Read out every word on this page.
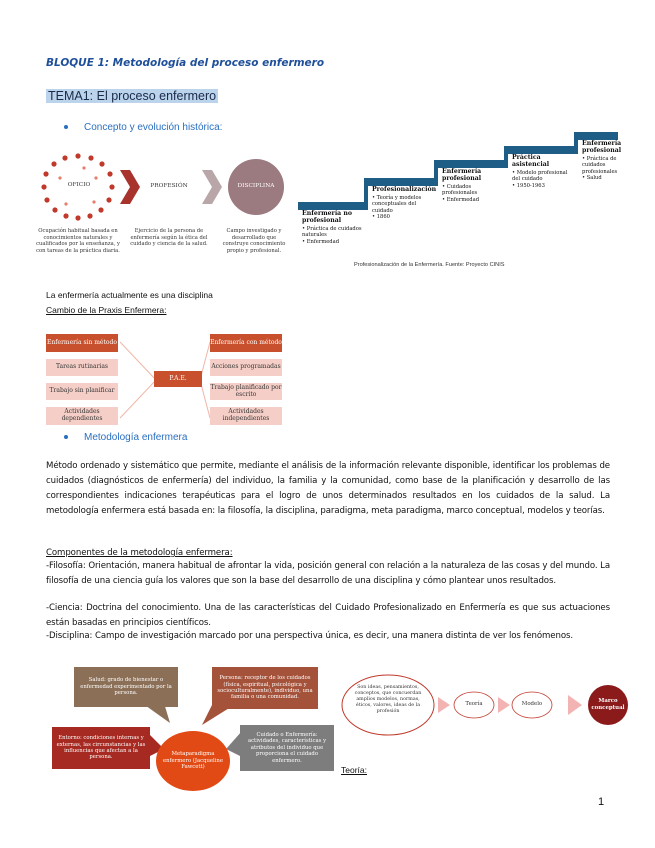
BLOQUE 1: Metodología del proceso enfermero
TEMA1: El proceso enfermero
Concepto y evolución histórica:
OFICIO	PROFESIÓN	DISCIPLINA
Ocupación habitual basada en conocimientos naturales y cualificados por la enseñanza, y con tareas de la práctica diaria.
Ejercicio de la persona de enfermería según la ética del cuidado y ciencia de la salud.
Campo investigado y desarrollado que construye conocimiento propio y profesional.
Enfermería no profesional
• Práctica de cuidados naturales
• Enfermedad
Profesionalización
• Teoría y modelos conceptuales del cuidado
• 1860
Enfermería profesional
• Cuidados profesionales
• Enfermedad
Práctica asistencial
• Modelo profesional del cuidado
• 1950-1963
Enfermería profesional
• Práctica de cuidados profesionales
• Salud
Profesionalización de la Enfermería. Fuente: Proyecto CINIS
La enfermería actualmente es una disciplina
Cambio de la Praxis Enfermera:
Enfermería sin método
Tareas rutinarias
Trabajo sin planificar
Actividades dependientes
P.A.E.
Enfermería con método
Acciones programadas
Trabajo planificado por escrito
Actividades independientes
Metodología enfermera
Método ordenado y sistemático que permite, mediante el análisis de la información relevante disponible, identificar los problemas de cuidados (diagnósticos de enfermería) del individuo, la familia y la comunidad, como base de la planificación y desarrollo de las correspondientes indicaciones terapéuticas para el logro de unos determinados resultados en los cuidados de la salud. La metodología enfermera está basada en: la filosofía, la disciplina, paradigma, meta paradigma, marco conceptual, modelos y teorías.
Componentes de la metodología enfermera:
-Filosofía: Orientación, manera habitual de afrontar la vida, posición general con relación a la naturaleza de las cosas y del mundo. La filosofía de una ciencia guía los valores que son la base del desarrollo de una disciplina y cómo plantear unos resultados.
-Ciencia: Doctrina del conocimiento. Una de las características del Cuidado Profesionalizado en Enfermería es que sus actuaciones están basadas en principios científicos.
-Disciplina: Campo de investigación marcado por una perspectiva única, es decir, una manera distinta de ver los fenómenos.
Salud: grado de bienestar o enfermedad experimentado por la persona.
Persona: receptor de los cuidados (física, espiritual, psicológica y socioculturalmente), individuo, una familia o una comunidad.
Entorno: condiciones internas y externas, las circunstancias y las influencias que afectan a la persona.
Cuidado o Enfermería: actividades, características y atributos del individuo que proporciona el cuidado enfermero.
Metaparadigma enfermero (Jacqueline Fawcett)
Son ideas, pensamientos, conceptos, que concuerdan amplios modelos, normas, éticos, valores, ideas de la profesión
Teoría	Modelo	Marco conceptual
Teoría:
1
